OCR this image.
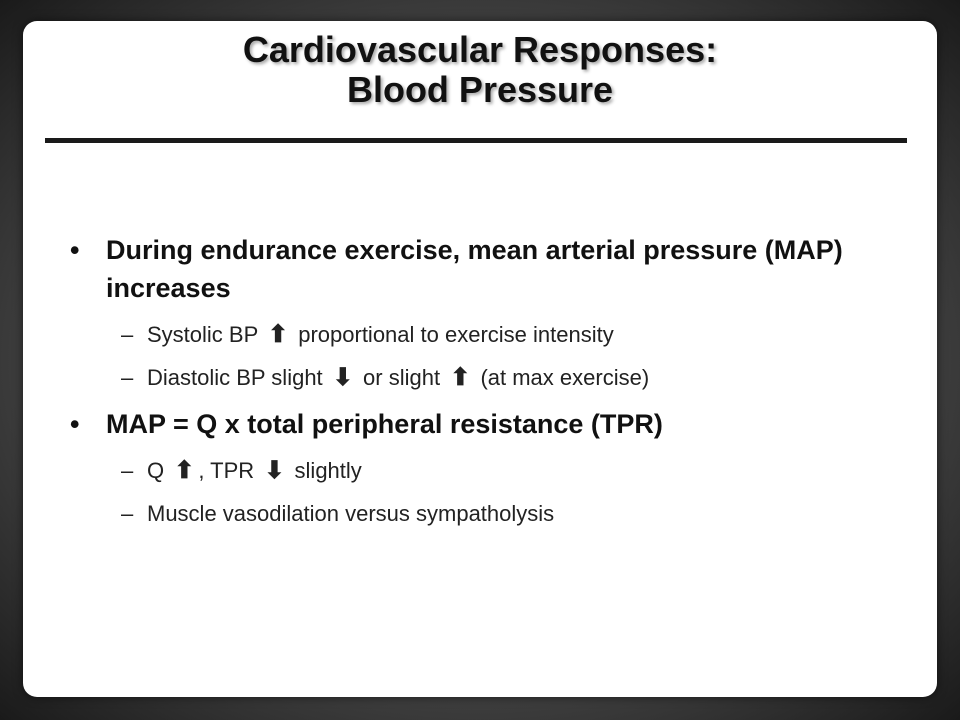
Cardiovascular Responses:
Blood Pressure
• During endurance exercise, mean arterial pressure (MAP) increases
– Systolic BP ⬆ proportional to exercise intensity
– Diastolic BP slight ⬇ or slight ⬆ (at max exercise)
• MAP = Q x total peripheral resistance (TPR)
– Q ⬆ , TPR ⬇ slightly
– Muscle vasodilation versus sympatholysis
